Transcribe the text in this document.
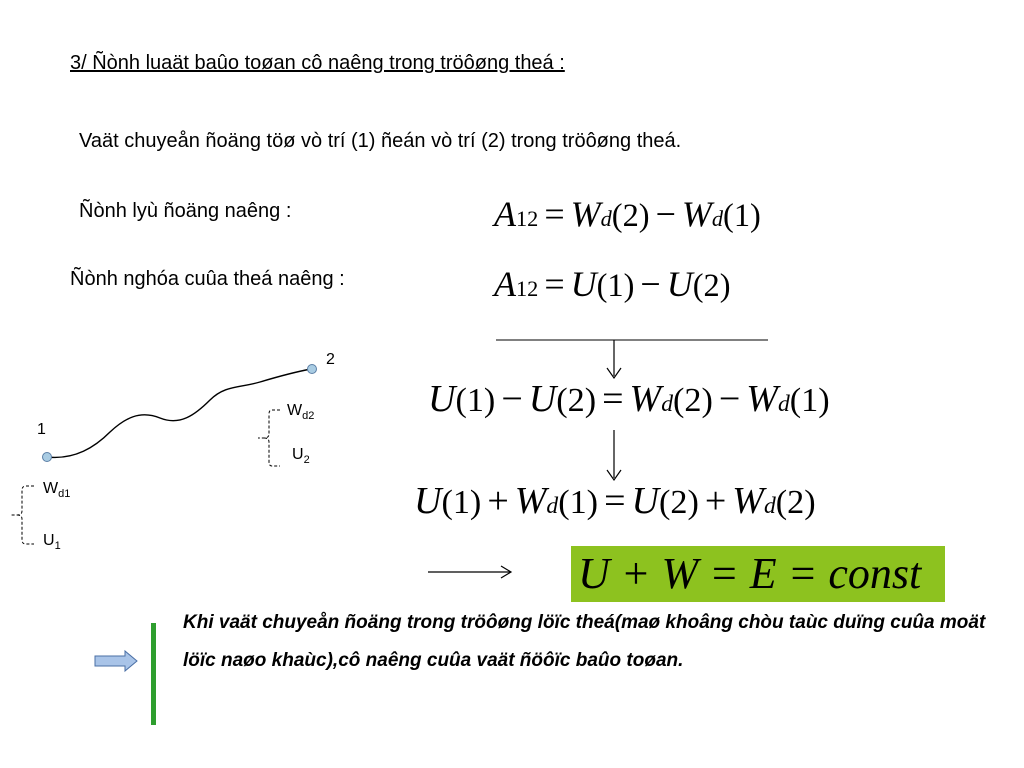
3/ Ñònh luaät baûo toøan cô naêng trong tröôøng theá :
Vaät chuyeån ñoäng töø vò trí (1) ñeán vò trí (2) trong tröôøng theá.
Ñònh lyù ñoäng naêng :
Ñònh nghóa cuûa theá naêng :
A 12 = W d (2) − W d (1)
A 12 = U (1) − U (2)
2
1
$W_{d2}$
$U_2$
$W_{d1}$
$U_1$
U (1) − U (2) = W d (2) − W d (1)
U (1) + W d (1) = U (2) + W d (2)
U + W = E = const
Khi vaät chuyeån ñoäng trong tröôøng löïc theá(maø khoâng chòu taùc duïng cuûa moät löïc naøo khaùc),cô naêng cuûa vaät ñöôïc baûo toøan.
